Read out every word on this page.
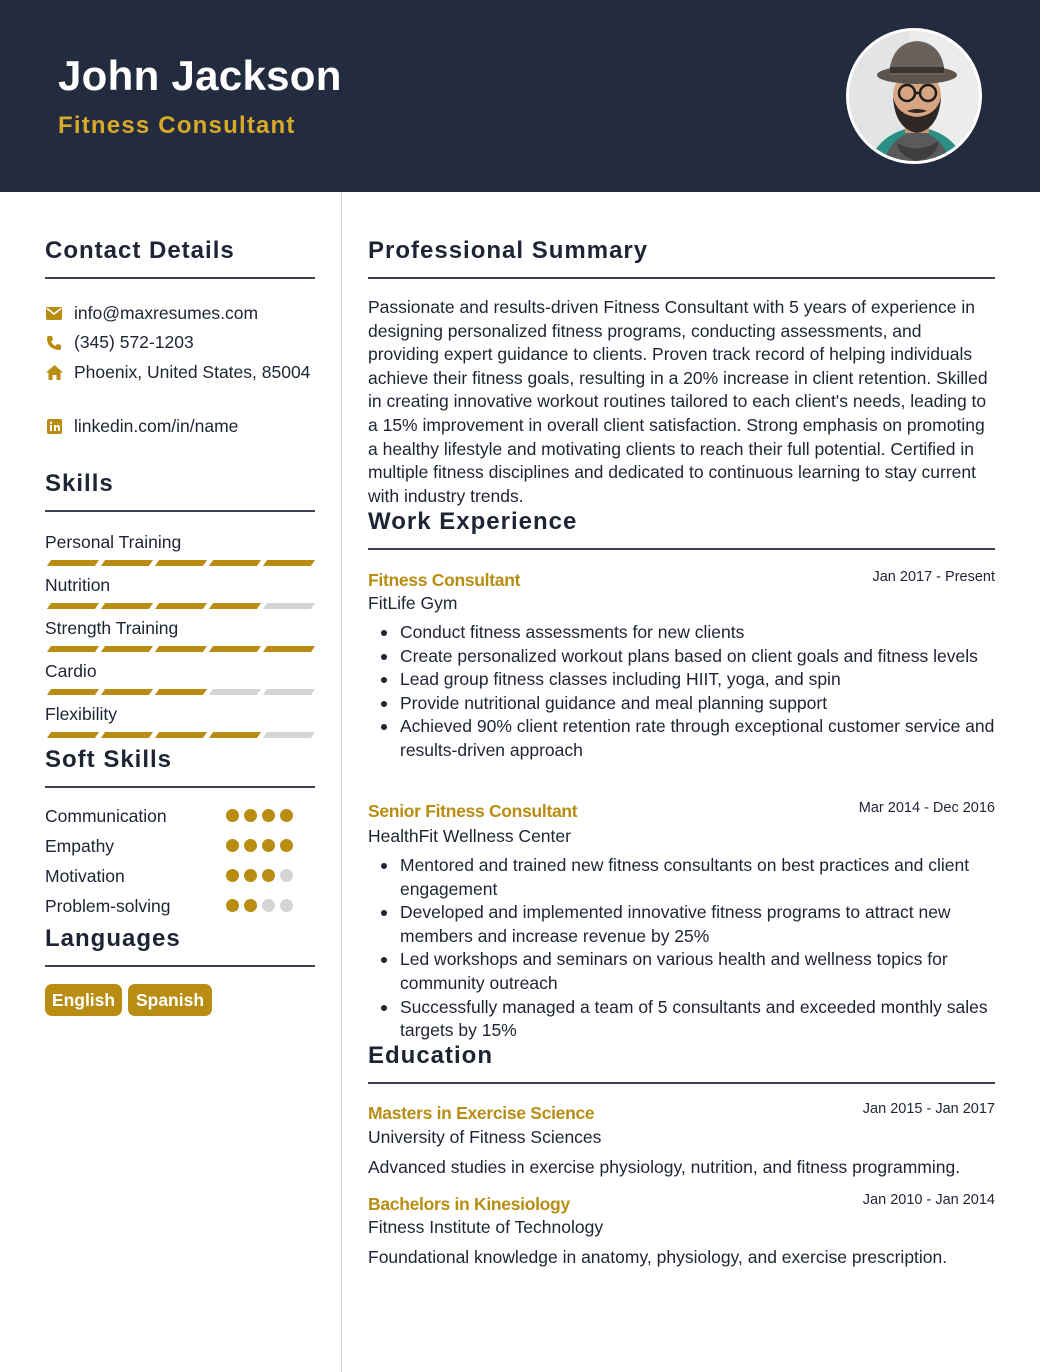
John Jackson
Fitness Consultant
Contact Details
info@maxresumes.com
(345) 572-1203
Phoenix, United States, 85004
linkedin.com/in/name
Skills
Personal Training
Nutrition
Strength Training
Cardio
Flexibility
Soft Skills
Communication
Empathy
Motivation
Problem-solving
Languages
English	Spanish
Professional Summary
Passionate and results-driven Fitness Consultant with 5 years of experience in designing personalized fitness programs, conducting assessments, and providing expert guidance to clients. Proven track record of helping individuals achieve their fitness goals, resulting in a 20% increase in client retention. Skilled in creating innovative workout routines tailored to each client's needs, leading to a 15% improvement in overall client satisfaction. Strong emphasis on promoting a healthy lifestyle and motivating clients to reach their full potential. Certified in multiple fitness disciplines and dedicated to continuous learning to stay current with industry trends.
Work Experience
Fitness Consultant	Jan 2017 - Present
FitLife Gym
Conduct fitness assessments for new clients
Create personalized workout plans based on client goals and fitness levels
Lead group fitness classes including HIIT, yoga, and spin
Provide nutritional guidance and meal planning support
Achieved 90% client retention rate through exceptional customer service and results-driven approach
Senior Fitness Consultant	Mar 2014 - Dec 2016
HealthFit Wellness Center
Mentored and trained new fitness consultants on best practices and client engagement
Developed and implemented innovative fitness programs to attract new members and increase revenue by 25%
Led workshops and seminars on various health and wellness topics for community outreach
Successfully managed a team of 5 consultants and exceeded monthly sales targets by 15%
Education
Masters in Exercise Science	Jan 2015 - Jan 2017
University of Fitness Sciences
Advanced studies in exercise physiology, nutrition, and fitness programming.
Bachelors in Kinesiology	Jan 2010 - Jan 2014
Fitness Institute of Technology
Foundational knowledge in anatomy, physiology, and exercise prescription.
